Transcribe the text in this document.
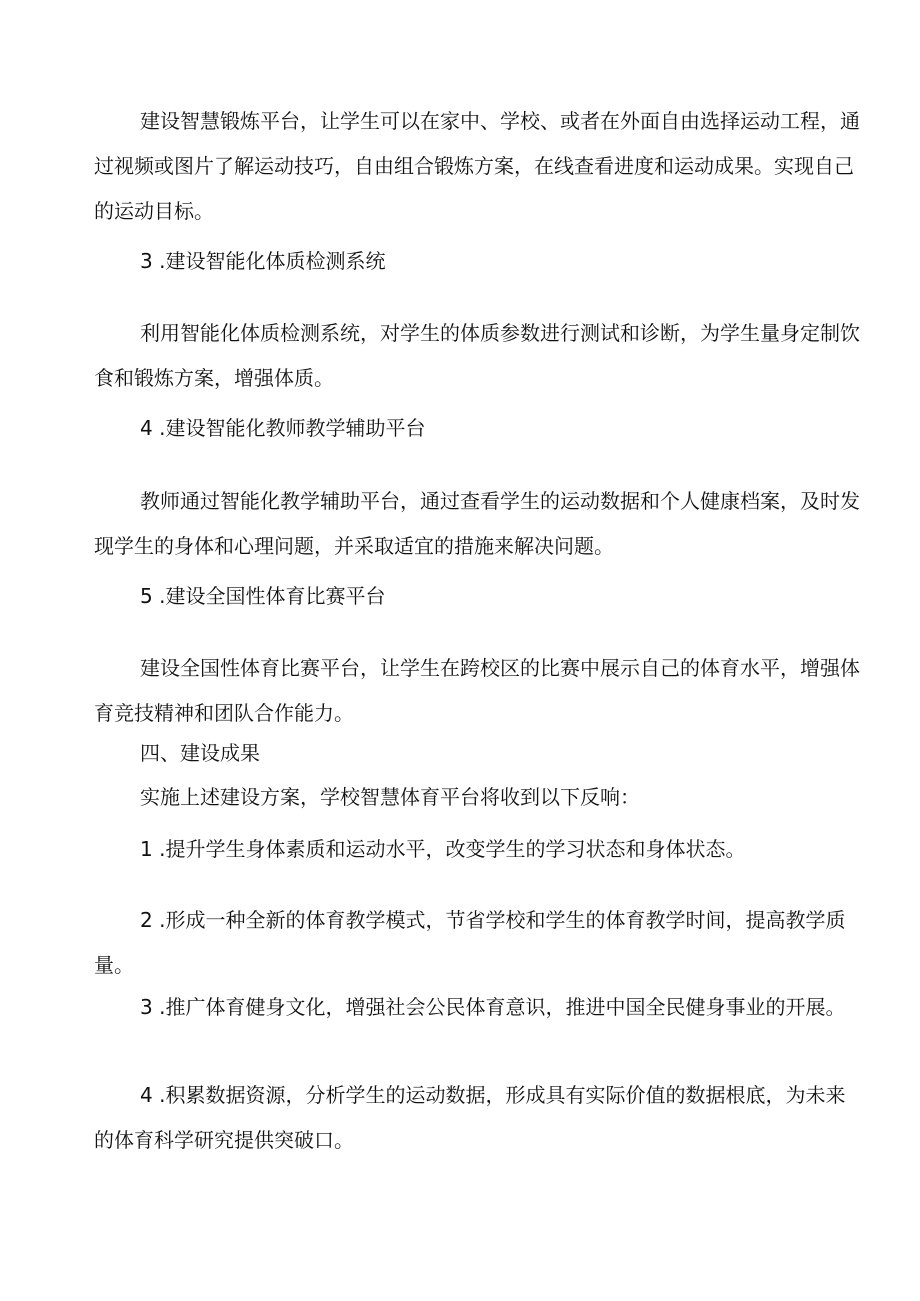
建设智慧锻炼平台，让学生可以在家中、学校、或者在外面自由选择运动工程，通过视频或图片了解运动技巧，自由组合锻炼方案，在线查看进度和运动成果。实现自己的运动目标。

3 .建设智能化体质检测系统

利用智能化体质检测系统，对学生的体质参数进行测试和诊断，为学生量身定制饮食和锻炼方案，增强体质。

4 .建设智能化教师教学辅助平台

教师通过智能化教学辅助平台，通过查看学生的运动数据和个人健康档案，及时发现学生的身体和心理问题，并采取适宜的措施来解决问题。

5 .建设全国性体育比赛平台

建设全国性体育比赛平台，让学生在跨校区的比赛中展示自己的体育水平，增强体育竞技精神和团队合作能力。

四、建设成果

实施上述建设方案，学校智慧体育平台将收到以下反响：

1 .提升学生身体素质和运动水平，改变学生的学习状态和身体状态。

2 .形成一种全新的体育教学模式，节省学校和学生的体育教学时间，提高教学质量。

3 .推广体育健身文化，增强社会公民体育意识，推进中国全民健身事业的开展。

4 .积累数据资源，分析学生的运动数据，形成具有实际价值的数据根底，为未来的体育科学研究提供突破口。
